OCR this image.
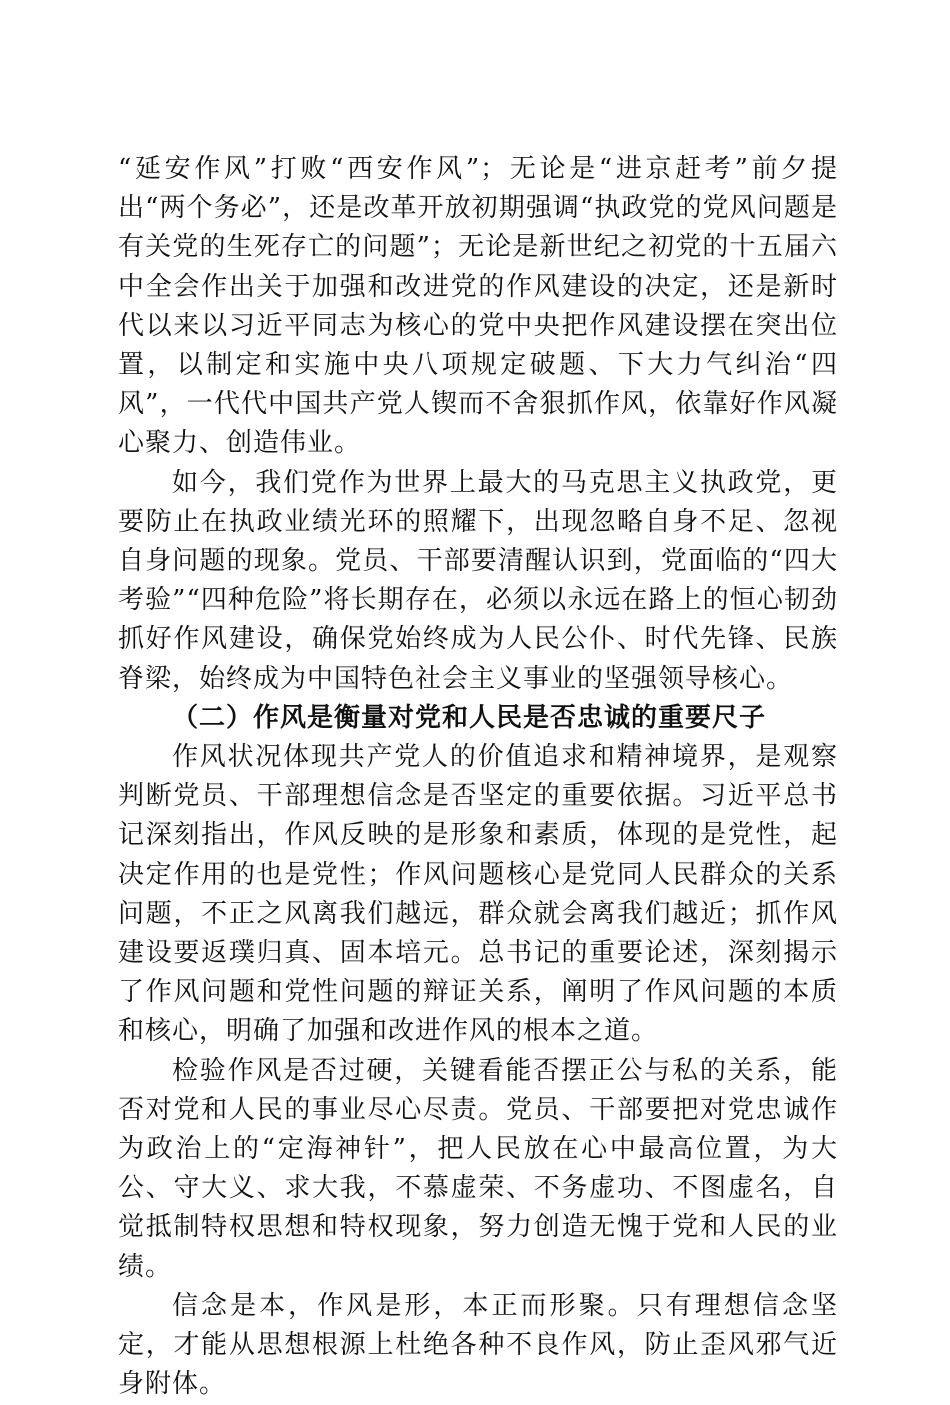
“延安作风”打败“西安作风”；无论是“进京赶考”前夕提出“两个务必”，还是改革开放初期强调“执政党的党风问题是有关党的生死存亡的问题”；无论是新世纪之初党的十五届六中全会作出关于加强和改进党的作风建设的决定，还是新时代以来以习近平同志为核心的党中央把作风建设摆在突出位置，以制定和实施中央八项规定破题、下大力气纠治“四风”，一代代中国共产党人锲而不舍狠抓作风，依靠好作风凝心聚力、创造伟业。

如今，我们党作为世界上最大的马克思主义执政党，更要防止在执政业绩光环的照耀下，出现忽略自身不足、忽视自身问题的现象。党员、干部要清醒认识到，党面临的“四大考验”“四种危险”将长期存在，必须以永远在路上的恒心韧劲抓好作风建设，确保党始终成为人民公仆、时代先锋、民族脊梁，始终成为中国特色社会主义事业的坚强领导核心。

（二）作风是衡量对党和人民是否忠诚的重要尺子

作风状况体现共产党人的价值追求和精神境界，是观察判断党员、干部理想信念是否坚定的重要依据。习近平总书记深刻指出，作风反映的是形象和素质，体现的是党性，起决定作用的也是党性；作风问题核心是党同人民群众的关系问题，不正之风离我们越远，群众就会离我们越近；抓作风建设要返璞归真、固本培元。总书记的重要论述，深刻揭示了作风问题和党性问题的辩证关系，阐明了作风问题的本质和核心，明确了加强和改进作风的根本之道。

检验作风是否过硬，关键看能否摆正公与私的关系，能否对党和人民的事业尽心尽责。党员、干部要把对党忠诚作为政治上的“定海神针”，把人民放在心中最高位置，为大公、守大义、求大我，不慕虚荣、不务虚功、不图虚名，自觉抵制特权思想和特权现象，努力创造无愧于党和人民的业绩。

信念是本，作风是形，本正而形聚。只有理想信念坚定，才能从思想根源上杜绝各种不良作风，防止歪风邪气近身附体。
